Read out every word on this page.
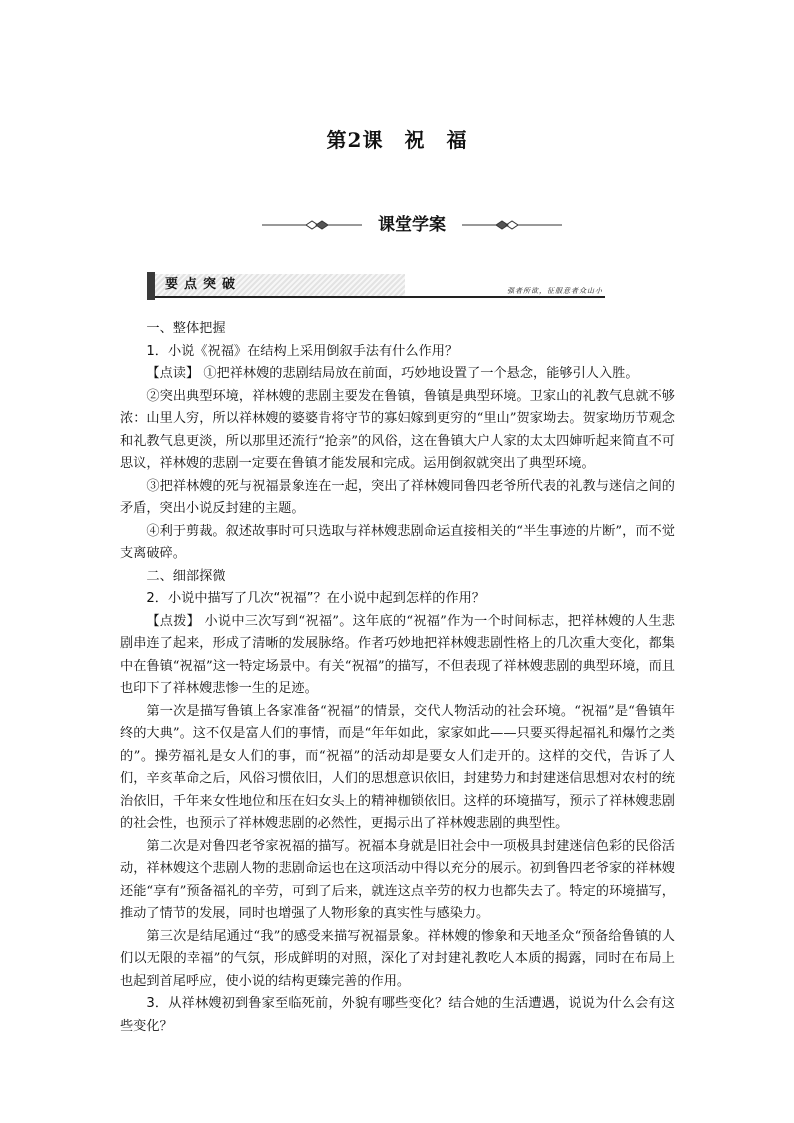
第2课　祝　福
课堂学案
要点突破	强者所欲，征服意者众山小

一、整体把握

1．小说《祝福》在结构上采用倒叙手法有什么作用？

【点读】 ①把祥林嫂的悲剧结局放在前面，巧妙地设置了一个悬念，能够引人入胜。

②突出典型环境，祥林嫂的悲剧主要发在鲁镇，鲁镇是典型环境。卫家山的礼教气息就不够浓：山里人穷，所以祥林嫂的婆婆肯将守节的寡妇嫁到更穷的“里山”贺家坳去。贺家坳历节观念和礼教气息更淡，所以那里还流行“抢亲”的风俗，这在鲁镇大户人家的太太四婶听起来简直不可思议，祥林嫂的悲剧一定要在鲁镇才能发展和完成。运用倒叙就突出了典型环境。

③把祥林嫂的死与祝福景象连在一起，突出了祥林嫂同鲁四老爷所代表的礼教与迷信之间的矛盾，突出小说反封建的主题。

④利于剪裁。叙述故事时可只选取与祥林嫂悲剧命运直接相关的“半生事迹的片断”，而不觉支离破碎。

二、细部探微

2．小说中描写了几次“祝福”？在小说中起到怎样的作用？

【点拨】 小说中三次写到“祝福”。这年底的“祝福”作为一个时间标志，把祥林嫂的人生悲剧串连了起来，形成了清晰的发展脉络。作者巧妙地把祥林嫂悲剧性格上的几次重大变化，都集中在鲁镇“祝福”这一特定场景中。有关“祝福”的描写，不但表现了祥林嫂悲剧的典型环境，而且也印下了祥林嫂悲惨一生的足迹。

第一次是描写鲁镇上各家准备“祝福”的情景，交代人物活动的社会环境。“祝福”是“鲁镇年终的大典”。这不仅是富人们的事情，而是“年年如此，家家如此——只要买得起福礼和爆竹之类的”。操劳福礼是女人们的事，而“祝福”的活动却是要女人们走开的。这样的交代，告诉了人们，辛亥革命之后，风俗习惯依旧，人们的思想意识依旧，封建势力和封建迷信思想对农村的统治依旧，千年来女性地位和压在妇女头上的精神枷锁依旧。这样的环境描写，预示了祥林嫂悲剧的社会性，也预示了祥林嫂悲剧的必然性，更揭示出了祥林嫂悲剧的典型性。

第二次是对鲁四老爷家祝福的描写。祝福本身就是旧社会中一项极具封建迷信色彩的民俗活动，祥林嫂这个悲剧人物的悲剧命运也在这项活动中得以充分的展示。初到鲁四老爷家的祥林嫂还能“享有”预备福礼的辛劳，可到了后来，就连这点辛劳的权力也都失去了。特定的环境描写，推动了情节的发展，同时也增强了人物形象的真实性与感染力。

第三次是结尾通过“我”的感受来描写祝福景象。祥林嫂的惨象和天地圣众“预备给鲁镇的人们以无限的幸福”的气氛，形成鲜明的对照，深化了对封建礼教吃人本质的揭露，同时在布局上也起到首尾呼应，使小说的结构更臻完善的作用。

3．从祥林嫂初到鲁家至临死前，外貌有哪些变化？结合她的生活遭遇，说说为什么会有这些变化？
